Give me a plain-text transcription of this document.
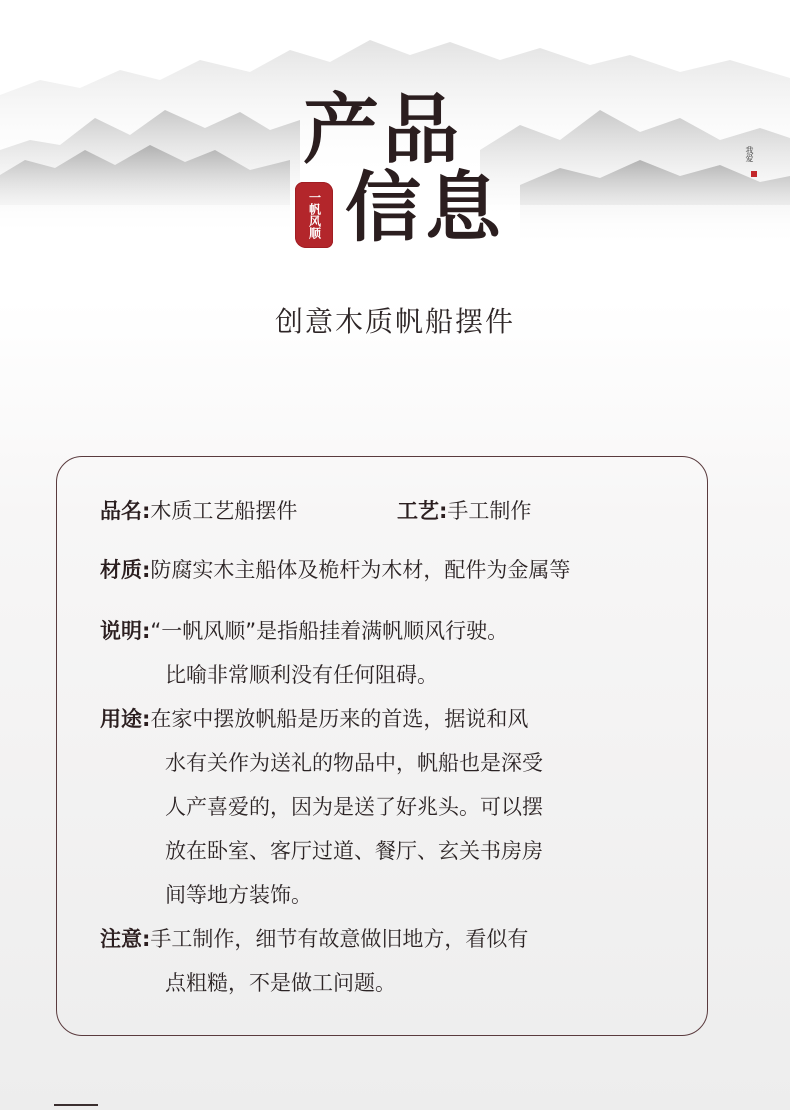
产品
信息
一帆风顺
我爱
创意木质帆船摆件
品名:木质工艺船摆件	工艺:手工制作
材质:防腐实木主船体及桅杆为木材，配件为金属等
说明:“一帆风顺”是指船挂着满帆顺风行驶。
比喻非常顺利没有任何阻碍。
用途:在家中摆放帆船是历来的首选，据说和风
水有关作为送礼的物品中，帆船也是深受
人产喜爱的，因为是送了好兆头。可以摆
放在卧室、客厅过道、餐厅、玄关书房房
间等地方装饰。
注意:手工制作，细节有故意做旧地方，看似有
点粗糙，不是做工问题。
